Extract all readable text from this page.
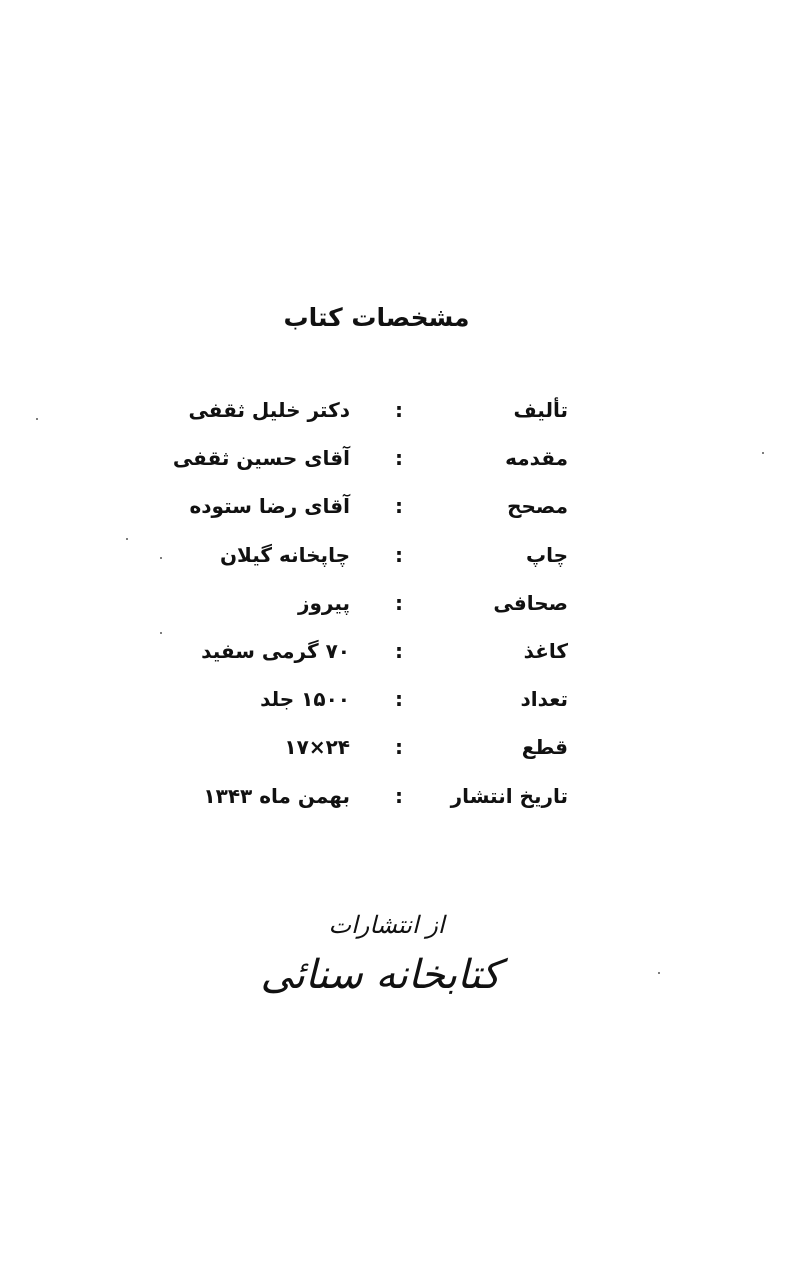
مشخصات کتاب
تألیف
:
دکتر خلیل ثقفی
مقدمه
:
آقای حسین ثقفی
مصحح
:
آقای رضا ستوده
چاپ
:
چاپخانه گیلان
صحافی
:
پیروز
کاغذ
:
۷۰ گرمی سفید
تعداد
:
۱۵۰۰ جلد
قطع
:
۲۴×۱۷
تاریخ انتشار
:
بهمن ماه ۱۳۴۳
از انتشارات
کتابخانه سنائی
